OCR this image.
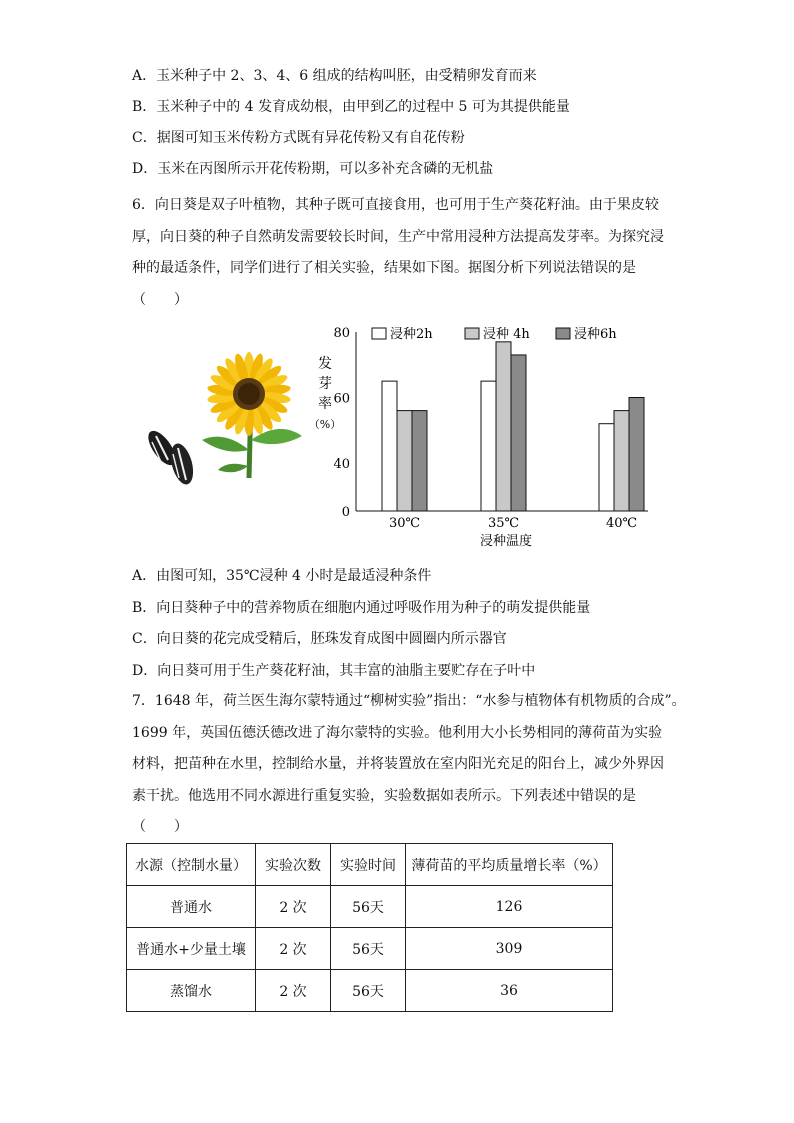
A．玉米种子中 2、3、4、6 组成的结构叫胚，由受精卵发育而来
B．玉米种子中的 4 发育成幼根，由甲到乙的过程中 5 可为其提供能量
C．据图可知玉米传粉方式既有异花传粉又有自花传粉
D．玉米在丙图所示开花传粉期，可以多补充含磷的无机盐
6．向日葵是双子叶植物，其种子既可直接食用，也可用于生产葵花籽油。由于果皮较
厚，向日葵的种子自然萌发需要较长时间，生产中常用浸种方法提高发芽率。为探究浸
种的最适条件，同学们进行了相关实验，结果如下图。据图分析下列说法错误的是
（　　）
80
60
40
0
发
芽
率
（%）
30℃	35℃	40℃
浸种温度
浸种2h	浸种 4h	浸种6h
A．由图可知，35℃浸种 4 小时是最适浸种条件
B．向日葵种子中的营养物质在细胞内通过呼吸作用为种子的萌发提供能量
C．向日葵的花完成受精后，胚珠发育成图中圆圈内所示器官
D．向日葵可用于生产葵花籽油，其丰富的油脂主要贮存在子叶中
7．1648 年，荷兰医生海尔蒙特通过“柳树实验”指出：“水参与植物体有机物质的合成”。
1699 年，英国伍德沃德改进了海尔蒙特的实验。他利用大小长势相同的薄荷苗为实验
材料，把苗种在水里，控制给水量，并将装置放在室内阳光充足的阳台上，减少外界因
素干扰。他选用不同水源进行重复实验，实验数据如表所示。下列表述中错误的是
（　　）
水源（控制水量）	实验次数	实验时间	薄荷苗的平均质量增长率（%）
普通水	2 次	56天	126
普通水+少量土壤	2 次	56天	309
蒸馏水	2 次	56天	36
